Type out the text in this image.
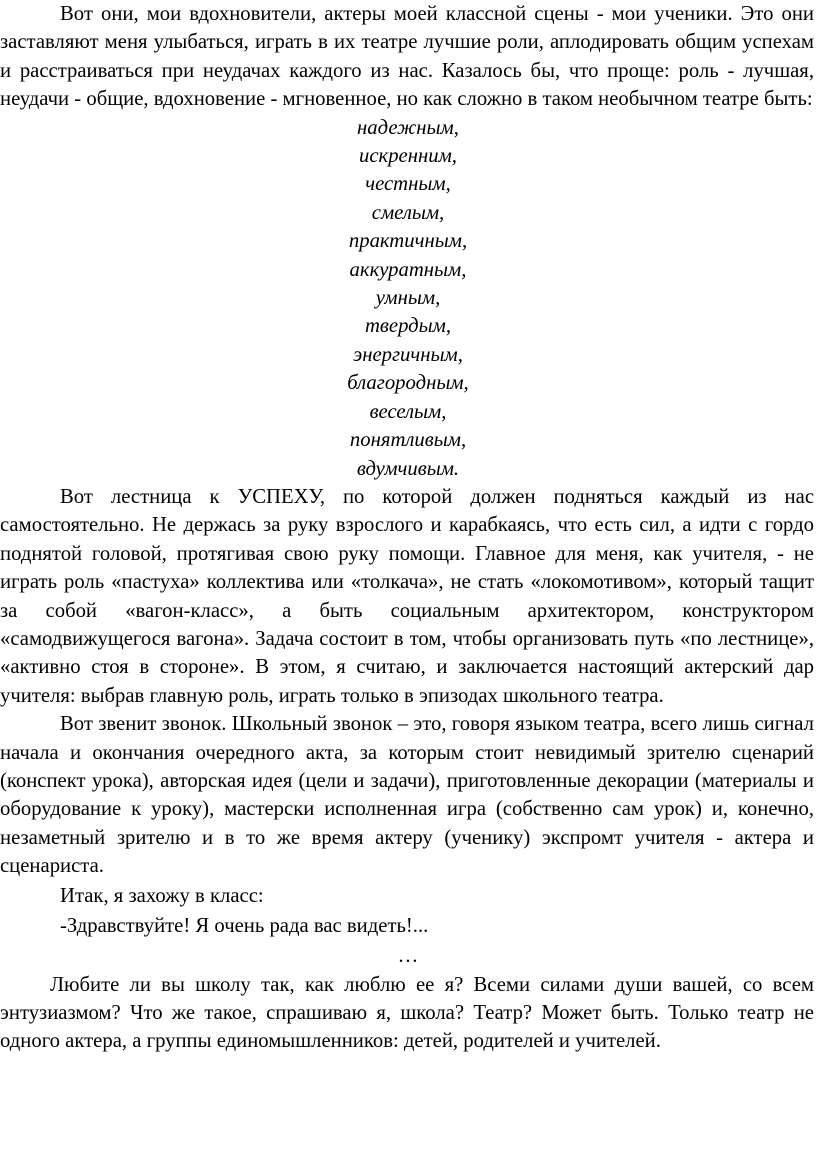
Вот они, мои вдохновители, актеры моей классной сцены - мои ученики. Это они заставляют меня улыбаться, играть в их театре лучшие роли, аплодировать общим успехам и расстраиваться при неудачах каждого из нас. Казалось бы, что проще: роль - лучшая, неудачи - общие, вдохновение - мгновенное, но как сложно в таком необычном театре быть:

надежным,
искренним,
честным,
смелым,
практичным,
аккуратным,
умным,
твердым,
энергичным,
благородным,
веселым,
понятливым,
вдумчивым.

Вот лестница к УСПЕХУ, по которой должен подняться каждый из нас самостоятельно. Не держась за руку взрослого и карабкаясь, что есть сил, а идти с гордо поднятой головой, протягивая свою руку помощи. Главное для меня, как учителя, - не играть роль «пастуха» коллектива или «толкача», не стать «локомотивом», который тащит за собой «вагон-класс», а быть социальным архитектором, конструктором «самодвижущегося вагона». Задача состоит в том, чтобы организовать путь «по лестнице», «активно стоя в стороне». В этом, я считаю, и заключается настоящий актерский дар учителя: выбрав главную роль, играть только в эпизодах школьного театра.

Вот звенит звонок. Школьный звонок – это, говоря языком театра, всего лишь сигнал начала и окончания очередного акта, за которым стоит невидимый зрителю сценарий (конспект урока), авторская идея (цели и задачи), приготовленные декорации (материалы и оборудование к уроку), мастерски исполненная игра (собственно сам урок) и, конечно, незаметный зрителю и в то же время актеру (ученику) экспромт учителя - актера и сценариста.

Итак, я захожу в класс:

-Здравствуйте! Я очень рада вас видеть!...

…

Любите ли вы школу так, как люблю ее я? Всеми силами души вашей, со всем энтузиазмом? Что же такое, спрашиваю я, школа? Театр? Может быть. Только театр не одного актера, а группы единомышленников: детей, родителей и учителей.
